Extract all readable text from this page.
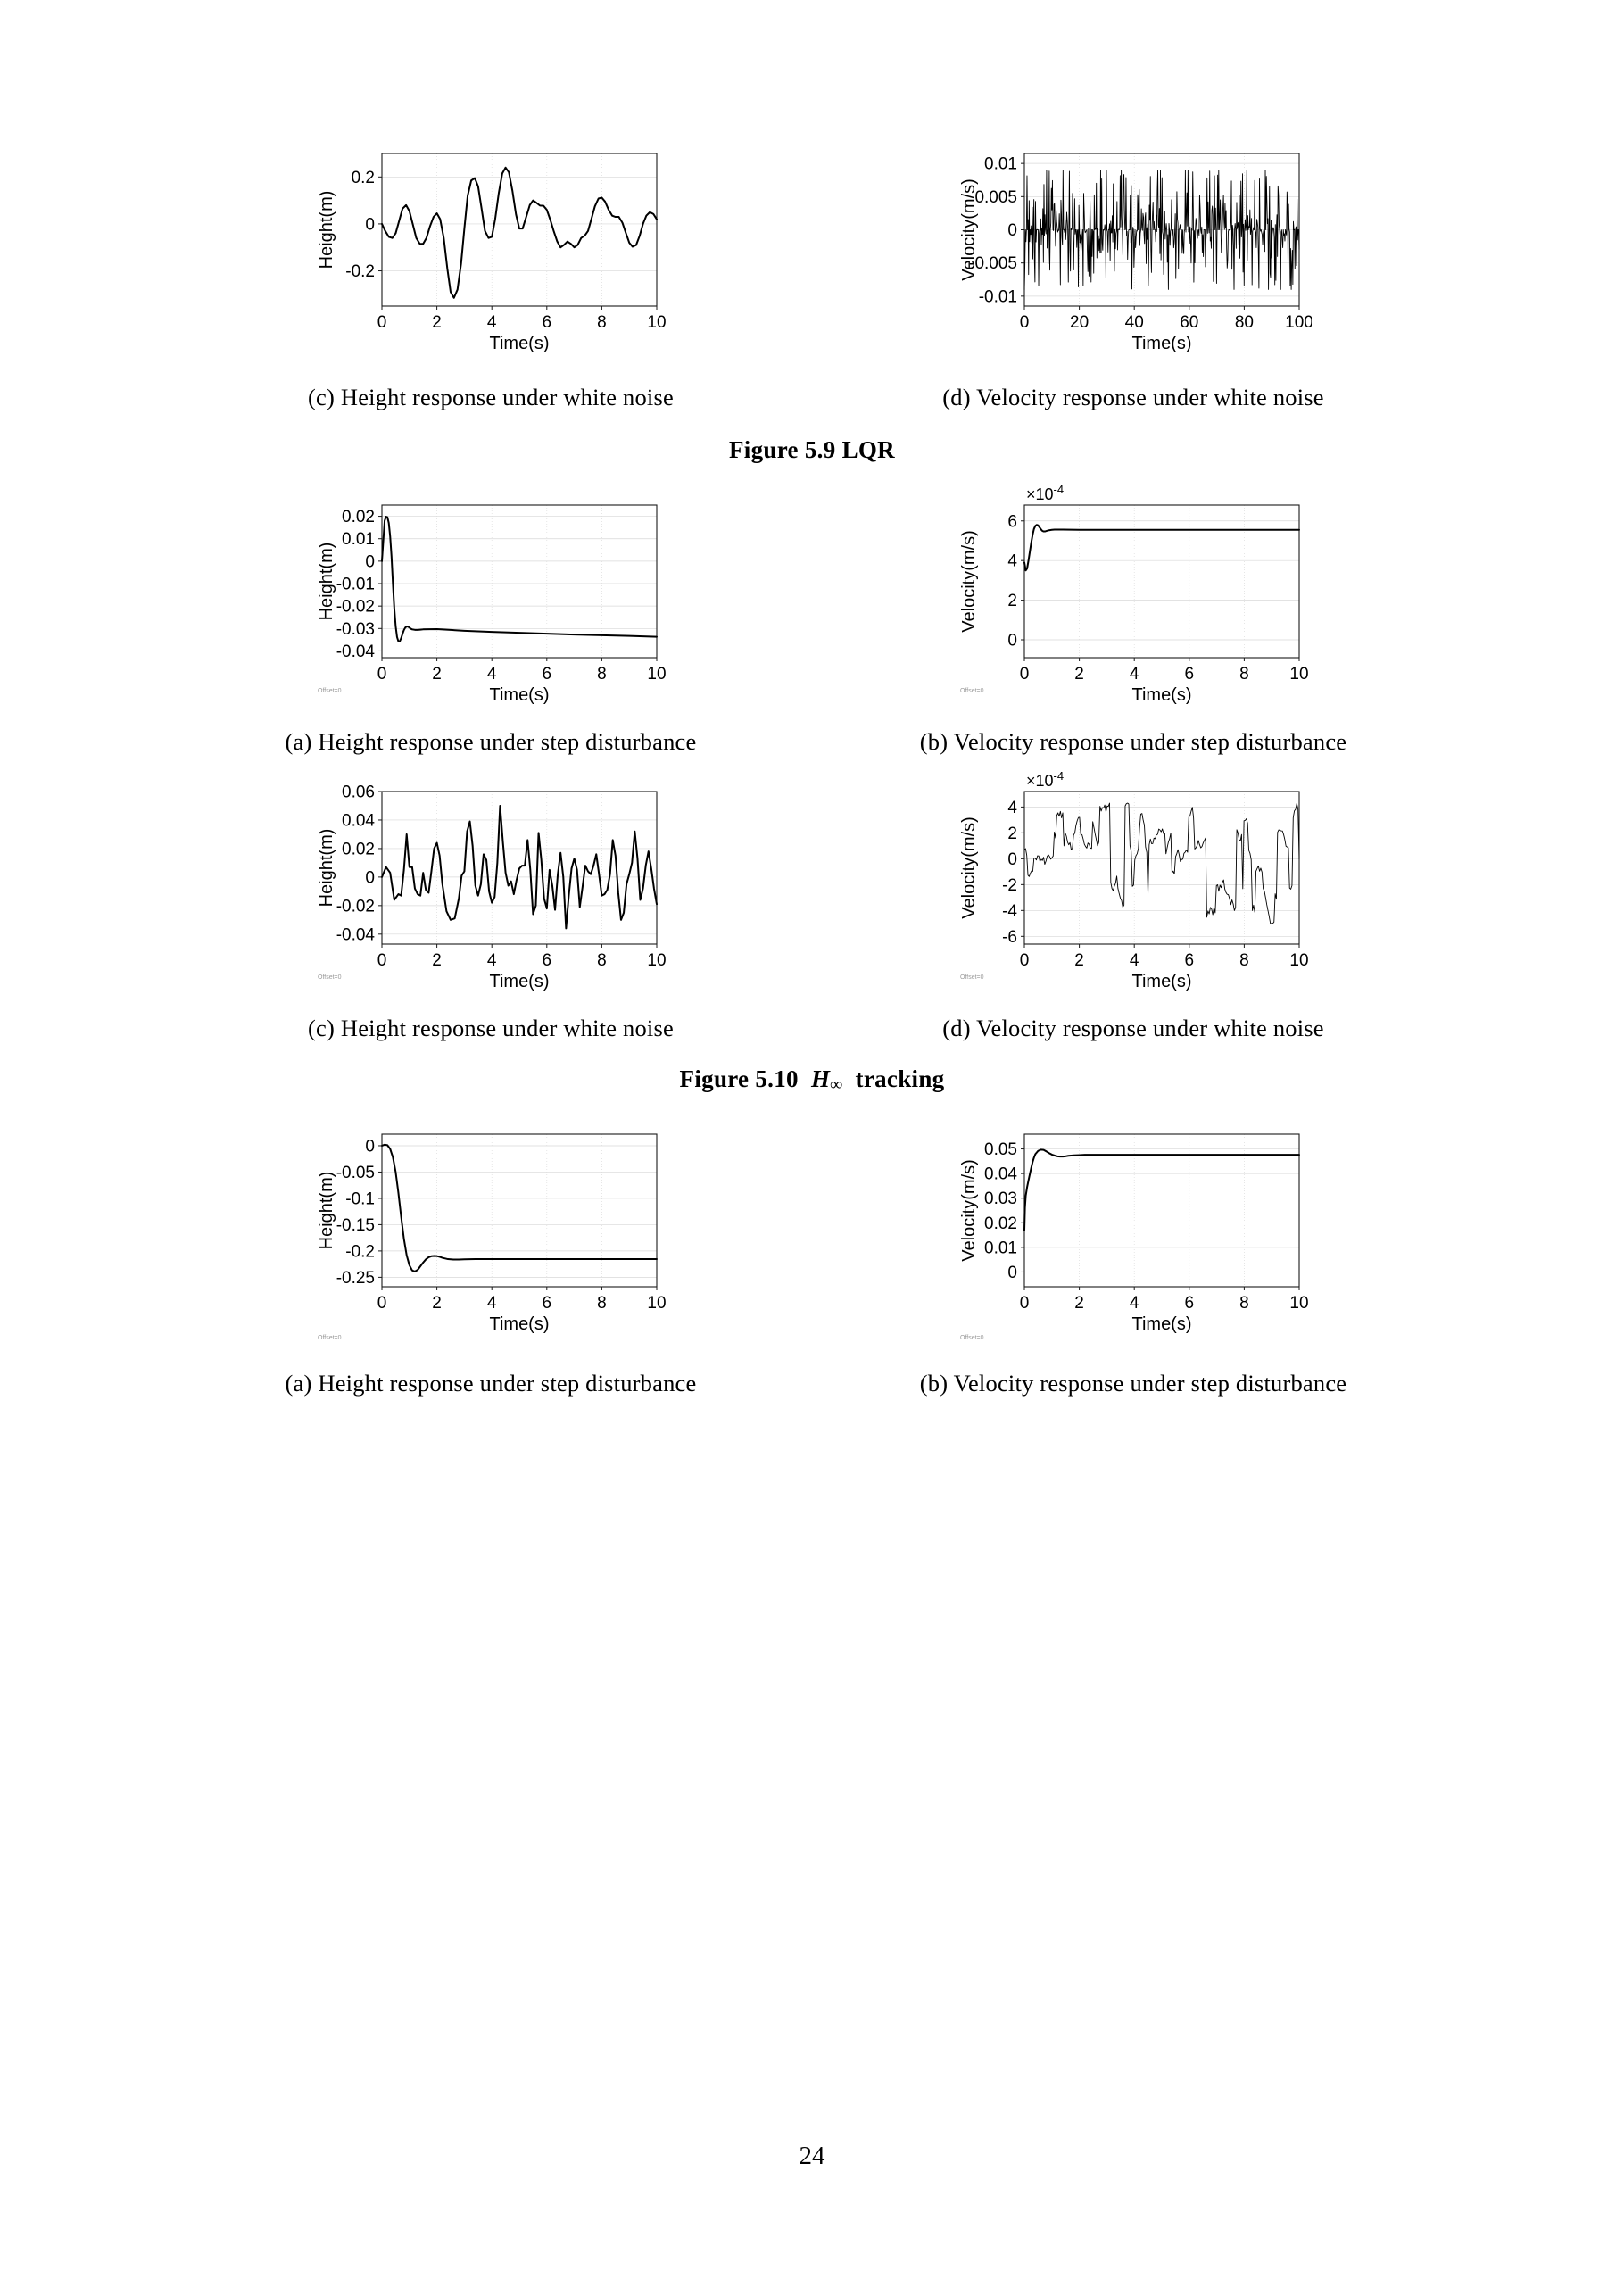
0	2	4	6	8 10
-0.2
0
0.2
Time(s)
Height(m)
0 20 40 60 80 100
-0.01
-0.005
0
0.005
0.01
Time(s)
Velocity(m/s)
(c) Height response under white noise	(d) Velocity response under white noise
Figure 5.9 LQR
0	2	4	6	8 10
-0.04
-0.03
-0.02
-0.01
0
0.01
0.02
Time(s)
Height(m)
Offset=0
0	2	4	6	8 10
0
2
4
6
Time(s)
Velocity(m/s)
$\times 10^{-4}$
Offset=0
(a) Height response under step disturbance	(b) Velocity response under step disturbance
0	2	4	6	8 10
-0.04
-0.02
0
0.02
0.04
0.06
Time(s)
Height(m)
Offset=0
0	2	4	6	8 10
-6
-4
-2
0
2
4
Time(s)
Velocity(m/s)
$\times 10^{-4}$
Offset=0
(c) Height response under white noise	(d) Velocity response under white noise
Figure 5.10 $H_\infty$ tracking
0	2	4	6	8 10
-0.25
-0.2
-0.15
-0.1
-0.05
0
Time(s)
Height(m)
Offset=0
0	2	4	6	8 10
0
0.01
0.02
0.03
0.04
0.05
Time(s)
Velocity(m/s)
Offset=0
(a) Height response under step disturbance	(b) Velocity response under step disturbance
24
